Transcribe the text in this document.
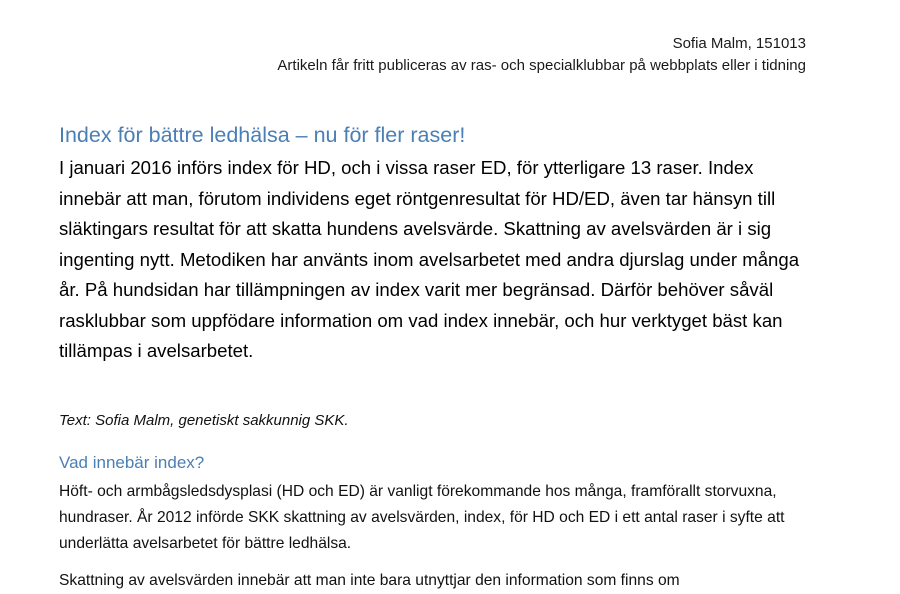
Sofia Malm, 151013
Artikeln får fritt publiceras av ras- och specialklubbar på webbplats eller i tidning
Index för bättre ledhälsa – nu för fler raser!

I januari 2016 införs index för HD, och i vissa raser ED, för ytterligare 13 raser. Index innebär att man, förutom individens eget röntgenresultat för HD/ED, även tar hänsyn till släktingars resultat för att skatta hundens avelsvärde. Skattning av avelsvärden är i sig ingenting nytt. Metodiken har använts inom avelsarbetet med andra djurslag under många år. På hundsidan har tillämpningen av index varit mer begränsad. Därför behöver såväl rasklubbar som uppfödare information om vad index innebär, och hur verktyget bäst kan tillämpas i avelsarbetet.

Text: Sofia Malm, genetiskt sakkunnig SKK.

Vad innebär index?

Höft- och armbågsledsdysplasi (HD och ED) är vanligt förekommande hos många, framförallt storvuxna, hundraser. År 2012 införde SKK skattning av avelsvärden, index, för HD och ED i ett antal raser i syfte att underlätta avelsarbetet för bättre ledhälsa.

Skattning av avelsvärden innebär att man inte bara utnyttjar den information som finns om
